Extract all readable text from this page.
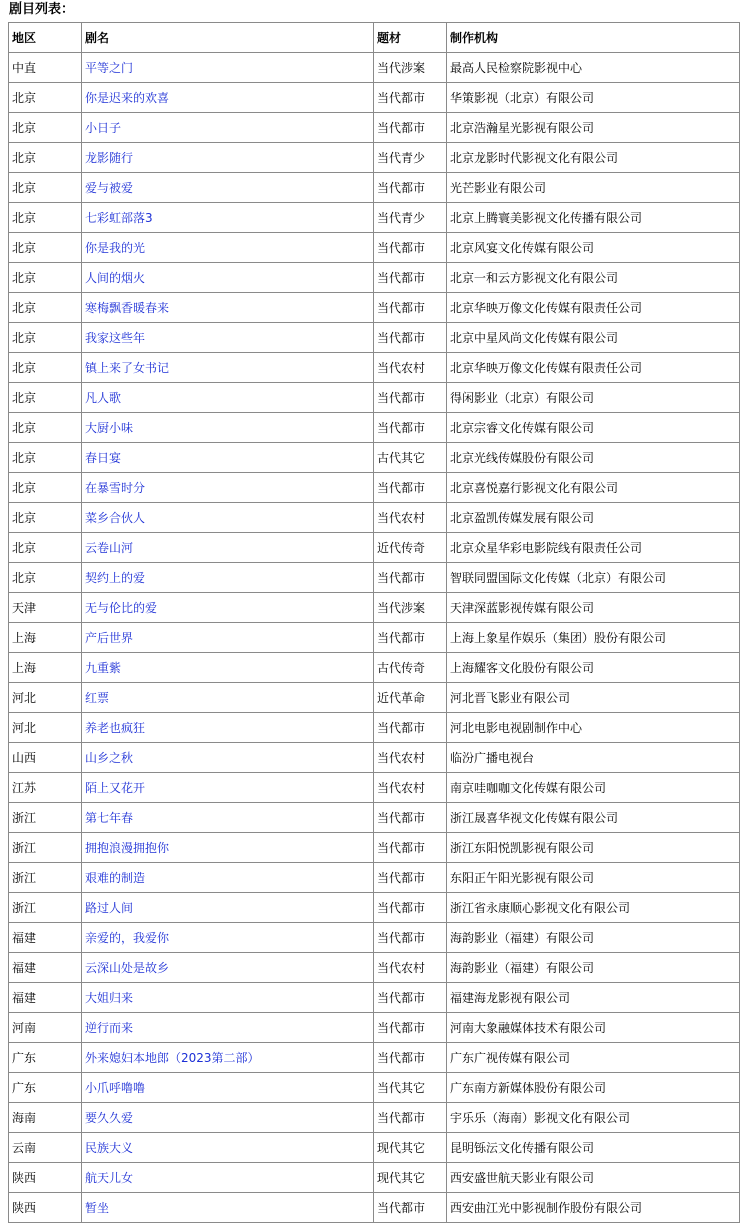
剧目列表：
地区	剧名	题材	制作机构
中直	平等之门	当代涉案	最高人民检察院影视中心
北京	你是迟来的欢喜	当代都市	华策影视（北京）有限公司
北京	小日子	当代都市	北京浩瀚星光影视有限公司
北京	龙影随行	当代青少	北京龙影时代影视文化有限公司
北京	爱与被爱	当代都市	光芒影业有限公司
北京	七彩虹部落3	当代青少	北京上腾寰美影视文化传播有限公司
北京	你是我的光	当代都市	北京风宴文化传媒有限公司
北京	人间的烟火	当代都市	北京一和云方影视文化有限公司
北京	寒梅飘香暖春来	当代都市	北京华映万像文化传媒有限责任公司
北京	我家这些年	当代都市	北京中星风尚文化传媒有限公司
北京	镇上来了女书记	当代农村	北京华映万像文化传媒有限责任公司
北京	凡人歌	当代都市	得闲影业（北京）有限公司
北京	大厨小味	当代都市	北京宗睿文化传媒有限公司
北京	春日宴	古代其它	北京光线传媒股份有限公司
北京	在暴雪时分	当代都市	北京喜悦嘉行影视文化有限公司
北京	菜乡合伙人	当代农村	北京盈凯传媒发展有限公司
北京	云卷山河	近代传奇	北京众星华彩电影院线有限责任公司
北京	契约上的爱	当代都市	智联同盟国际文化传媒（北京）有限公司
天津	无与伦比的爱	当代涉案	天津深蓝影视传媒有限公司
上海	产后世界	当代都市	上海上象星作娱乐（集团）股份有限公司
上海	九重紫	古代传奇	上海耀客文化股份有限公司
河北	红票	近代革命	河北晋飞影业有限公司
河北	养老也疯狂	当代都市	河北电影电视剧制作中心
山西	山乡之秋	当代农村	临汾广播电视台
江苏	陌上又花开	当代农村	南京哇咖咖文化传媒有限公司
浙江	第七年春	当代都市	浙江晟喜华视文化传媒有限公司
浙江	拥抱浪漫拥抱你	当代都市	浙江东阳悦凯影视有限公司
浙江	艰难的制造	当代都市	东阳正午阳光影视有限公司
浙江	路过人间	当代都市	浙江省永康顺心影视文化有限公司
福建	亲爱的，我爱你	当代都市	海韵影业（福建）有限公司
福建	云深山处是故乡	当代农村	海韵影业（福建）有限公司
福建	大姐归来	当代都市	福建海龙影视有限公司
河南	逆行而来	当代都市	河南大象融媒体技术有限公司
广东	外来媳妇本地郎（2023第二部）	当代都市	广东广视传媒有限公司
广东	小爪呼噜噜	当代其它	广东南方新媒体股份有限公司
海南	要久久爱	当代都市	宇乐乐（海南）影视文化有限公司
云南	民族大义	现代其它	昆明铄沄文化传播有限公司
陕西	航天儿女	现代其它	西安盛世航天影业有限公司
陕西	暂坐	当代都市	西安曲江光中影视制作股份有限公司
